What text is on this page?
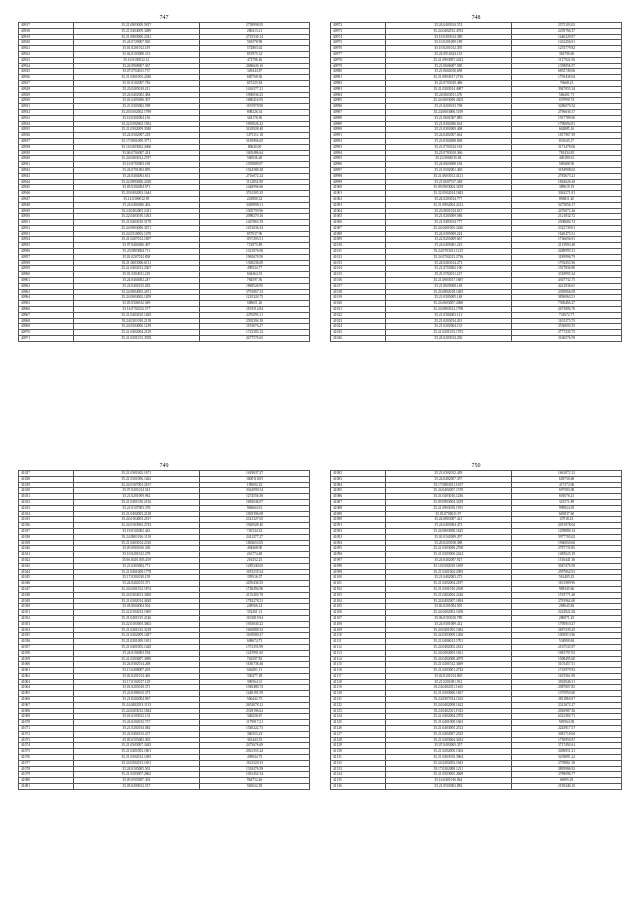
747
40917	35.21.0803009.5817	2738998.05
40918	35.21.0404009.3489	286413.21
40919	35.21.0803006.2341	2725330.14
40920	35.24.0720007.920	565578.98
40921	35.01.0201012.187	572803.02
40922	35.02.0103008.313	819975.32
40923	35.16.0103012.12	472796.26
40924	35.24.0908007.367	2686626.16
40925	35.07.0704011.737	349443.87
40926	35.21.0401003.2340	685768.56
40927	35.01.0102007.782	827225.84
40928	35.23.0205010.211	1416377.21
40929	35.24.0402002.484	1900036.25
40930	35.01.0405006.307	1680416.95
40931	35.21.0303002.598	1195978.90
40932	35.20.0302002.1789	808226.34
40933	35.16.0302004.156	344176.56
40934	35.22.0302002.1952	1995026.22
40935	35.21.0302009.3920	3165928.40
40936	35.22.0302007.218	1475111.18
40937	35.17.0901009.3771	3185966.65
40938	35.10.0403002.2060	80640.00
40939	35.06.0704007.414	1605486.64
40940	35.24.0403012.2747	566936.20
40941	35.16.0703003.169	1393809.07
40942	35.24.0701003.859	1544388.28
40943	35.24.0404003.631	2716072.24
40944	35.22.0803006.2429	1112852.90
40945	35.05.0302004.971	1446996.66
40946	35.20.0402003.1644	3761305.35
40947	35.14.0306012.95	223800.32
40948	35.24.0402006.402	3369998.11
40949	35.24.0402005.2411	1305759.96
40950	35.22.0403010.1492	2098270.16
40951	35.21.0403010.3178	1467863.39
40952	35.24.0803006.3471	1451636.34
40953	35.24.0310002.1470	857037.96
40954	35.21.0207012.1697	1197295.51
40955	35.07.0402006.497	721875.89
40956	35.23.0803004.711	1321076.96
40957	35.01.0207012.838	1965670.50
40958	35.21.0603006.6111	1369236.09
40959	35.21.0403013.2367	499534.77
40960	35.01.0204011.219	604464.53
40961	35.24.0404002.247	784597.56
40962	35.22.0402013.282	1869526.95
40963	35.24.0804005.2671	3791067.33
40964	35.24.0604002.1209	1210324.75
40965	35.05.0306012.949	508651.26
40966	35.16.0702012.577	1195512.84
40967	35.21.0403010.1465	2476595.11
40968	35.24.0201010.2118	2592394.18
40969	35.24.0304006.1218	1195676.27
40970	35.21.0402004.2129	1722303.12
40971	35.21.0201013.3558	2477576.65
748
40972	35.24.0403014.574	2575103.02
40973	35.24.0402012.4763	2239766.37
40974	35.10.0303014.389	1440229.97
40975	35.10.0201009.189	1432456.01
40976	35.10.0201012.395	1255779.82
40977	35.22.0914024.135	362790.60
40978	35.21.0903007.2423	1117922.56
40979	35.21.0606007.580	1358856.57
40980	35.21.0604010.698	6835749.06
40981	35.21.0903017.2716	1795436.04
40982	35.22.0703010.486	76668.23
40983	35.21.0203014.4087	3947055.34
40984	35.24.0603011.476	566201.71
40985	35.24.0603008.2655	670990.74
40986	35.21.0203013.768	3286070.32
40987	35.24.0603006.1109	2796636.37
40988	35.21.0601007.885	1917789.60
40989	35.21.0302006.634	1796694.81
40990	35.21.0303009.408	662885.16
40991	35.24.0402007.662	1817967.59
40992	35.23.0304008.838	831645.17
40993	35.21.0703014.165	3171478.06
40994	35.23.0703010.366	763434.65
40995	35.23.0004015.84	440180.61
40996	35.24.0603008.182	569408.50
40997	35.21.0502001.465	3184908.02
40998	35.21.0603012.4121	2783673.21
40999	35.21.0607017.348	1844626.30
41000	35.09.0903004.3259	389619.19
41001	35.22.0502014.1843	3363271.81
41002	35.24.0203014.777	896811.20
41003	35.21.0902004.2412	3275856.17
41004	35.23.0601014.637	2476072.26
41005	35.21.0203009.586	2121832.72
41006	35.21.0403014.777	2508684.74
41007	35.24.0401003.2446	3322739.01
41008	35.24.0305009.224	1620473.51
41009	35.22.0203009.667	1736656.91
41010	35.24.0403001.225	2115903.48
41011	35.24.0703011.1215	2289995.31
41012	35.24.0702013.2736	1189996.79
41013	35.24.0403014.273	1793453.56
41014	35.21.0703002.190	1917836.80
41015	35.21.0702011.217	3318895.34
41016	35.21.0003017.1687	4367732.75
41017	35.21.0605008.148	4221836.61
41018	35.24.0802018.1405	2305066.09
41019	35.21.0305005.148	3836963.51
41020	35.24.0603007.2060	7306466.27
41021	35.24.0803012.1798	2673006.70
41022	35.21.0304003.121	741672.77
41023	35.21.0203014.431	1105375.75
41024	35.21.0202004.153	3530693.55
41025	35.21.0201013.1703	2777235.75
41026	35.24.0203014.256	3166576.59
749
41027	35.21.0301002.1671	1619637.27
41028	35.21.0301006.1462	1600118.05
41029	35.24.0107003.2167	190692.23
41030	35.07.0201014.541	3344999.54
41031	35.21.0201009.962	1274556.58
41032	35.21.0401016.2136	1695046.07
41033	35.21.0107003.378	966664.91
41034	35.21.0402003.2138	1003396.08
41035	35.24.0104003.2167	2341327.05
41036	35.24.0103002.2743	1926928.40
41037	35.18.0102002.443	726134.32
41038	35.24.0801016.1118	2411277.27
41039	35.21.0403014.2316	1802653.05
41040	35.05.0903016.338	494468.90
41041	35.10.0201012.278	216774.48
41042	35.06.0410.003.459	216352.25
41043	35.21.0403004.771	1285340.02
41044	35.21.0401009.1778	1185235.54
41045	35.17.0202010.159	359516.37
41046	35.24.0402013.371	2295436.35
41047	35.24.0201012.1674	1720494.96
41048	35.24.0304013.3400	2135403.70
41049	35.21.0202014.4628	1782278.51
41050	35.05.0604004.504	248566.14
41051	35.22.0104012.1005	352261.31
41052	35.21.0401015.2146	1102819.94
41053	35.22.0103005.3602	1935630.22
41054	35.21.0201012.3218	1663888.52
41055	35.21.0202009.1487	1169009.27
41056	35.21.0201009.1651	608674.73
41057	35.21.0401003.1420	1751355.99
41058	35.24.0104003.554	1247091.65
41059	35.21.0203007.3690	762597.83
41060	35.24.0302014.268	1636736.46
41061	35.15.0408007.203	646291.11
41062	35.02.0201014.465	330477.28
41063	35.17.0102017.129	390564.31
41064	35.01.0203010.371	1949480.72
41065	35.22.0306013.373	1446195.59
41066	35.21.0202004.967	566442.75
41067	35.24.0402013.1113	2652078.12
41068	35.24.0203012.1844	2318196.62
41069	35.01.0103012.133	346256.67
41070	35.24.0204012.737	1179917.21
41071	35.21.0202014.382	1540222.73
41072	35.22.0402012.237	360353.23
41073	35.05.0103002.303	361443.55
41074	35.21.0503007.3445	2475676.69
41075	35.21.0401003.1601	2061355.24
41076	35.21.0202012.1493	458944.73
41077	35.24.0302013.1651	1162320.33
41078	35.24.0103005.501	1310476.59
41079	35.21.0203007.2862	1061452.54
41080	35.05.0503007.303	964752.46
41081	35.05.0209012.537	920632.39
750
41082	35.21.0302012.439	1661072.12
41083	35.24.0402007.357	658750.68
41084	35.17.0803011.1037	417273.06
41085	35.24.0402007.1578	697583.08
41086	35.21.0403010.1236	691076.21
41087	35.09.0903004.3259	341571.89
41088	35.21.0903010.1915	999824.05
41089	35.03.0706011.97	665837.60
41090	35.24.0803007.421	47918.23
41091	35.24.0403004.473	2051978.04
41092	35.24.0803008.1625	1299880.14
41093	35.01.0102009.297	3977703.02
41094	35.20.0203018.388	1960650.60
41095	35.21.0303008.2768	2797735.85
41096	35.21.0203006.2424	1485623.19
41097	35.24.0402007.927	1516441.36
41098	35.10.0302010.1659	3047476.50
41099	35.21.0201004.2095	2597062.91
41100	35.21.0402003.275	561405.25
41101	35.21.0202004.2187	1161589.96
41102	35.21.0201010.2168	969345.66
41103	35.21.0402004.2426	1519771.40
41104	35.24.0402007.1694	2781962.68
41105	35.02.0201004.505	269645.84
41106	35.24.0402002.1458	2224922.26
41107	35.06.0103010.789	280071.25
41108	35.24.0301009.412	1795910.27
41109	35.20.0401003.1484	2697239.25
41110	35.24.0303009.1266	1005913.96
41111	35.21.0406013.1701	534990.84
41112	35.24.0402002.2612	2167533.97
41113	35.24.0402003.1631	1081797.03
41114	35.24.0402008.4079	1508495.60
41115	35.21.0201012.3469	3101457.51
41116	35.21.0403001.2743	1743970.93
41117	35.02.0101014.065	1615561.09
41118	35.21.0201001.912	3502946.31
41119	35.24.0402011.1463	2087007.83
41120	35.21.0203006.1827	1375953.60
41121	35.24.0507014.1162	3811865.07
41122	35.24.0402008.1622	2321672.27
41123	35.24.0402011.1923	2063987.36
41124	35.21.0402004.2705	6321365.71
41125	35.21.0401008.1663	929564.58
41126	35.21.0403005.2512	2245817.57
41127	35.21.0402007.2325	3081710.04
41128	35.21.0203004.3432	1750950.97
41129	35.07.0403005.357	3717492.61
41130	35.21.0202009.1304	3469051.21
41131	35.21.0403010.3964	3239891.22
41132	35.24.0402002.1643	2759861.56
41133	35.17.0302008.1211	3895986.93
41134	35.21.0503005.2668	3789096.77
41135	35.16.0401016.062	66995.29
41136	35.21.0503002.882	2195446.10
